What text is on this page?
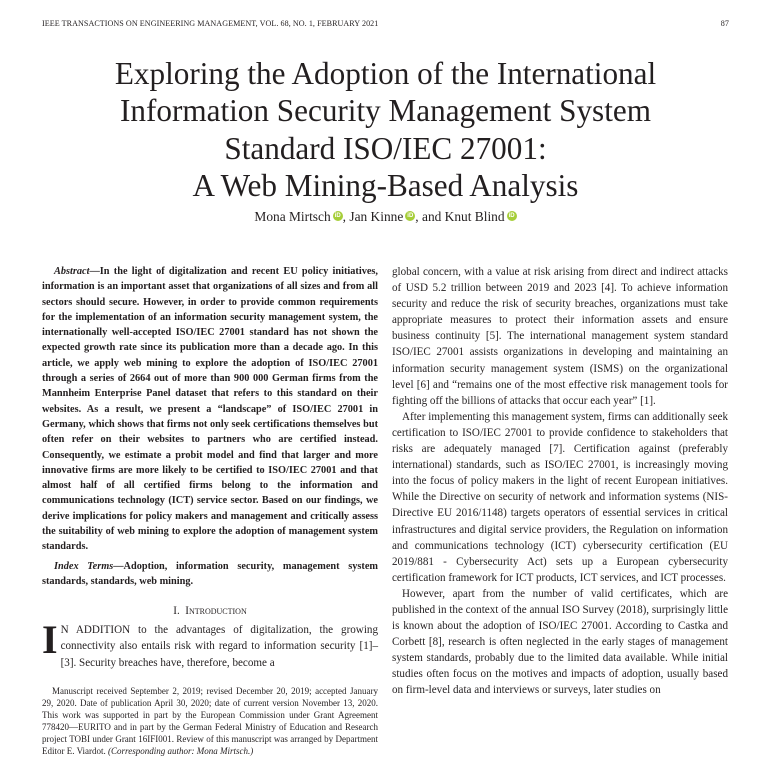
IEEE TRANSACTIONS ON ENGINEERING MANAGEMENT, VOL. 68, NO. 1, FEBRUARY 2021	87
Exploring the Adoption of the International
Information Security Management System
Standard ISO/IEC 27001:
A Web Mining-Based Analysis
Mona Mirtsch iD , Jan Kinne iD , and Knut Blind iD

Abstract—In the light of digitalization and recent EU policy initiatives, information is an important asset that organizations of all sizes and from all sectors should secure. However, in order to provide common requirements for the implementation of an information security management system, the internationally well-accepted ISO/IEC 27001 standard has not shown the expected growth rate since its publication more than a decade ago. In this article, we apply web mining to explore the adoption of ISO/IEC 27001 through a series of 2664 out of more than 900 000 German firms from the Mannheim Enterprise Panel dataset that refers to this standard on their websites. As a result, we present a “landscape” of ISO/IEC 27001 in Germany, which shows that firms not only seek certifications themselves but often refer on their websites to partners who are certified instead. Consequently, we estimate a probit model and find that larger and more innovative firms are more likely to be certified to ISO/IEC 27001 and that almost half of all certified firms belong to the information and communications technology (ICT) service sector. Based on our findings, we derive implications for policy makers and management and critically assess the suitability of web mining to explore the adoption of management system standards.

Index Terms—Adoption, information security, management system standards, standards, web mining.

I. Introduction

I N ADDITION to the advantages of digitalization, the growing connectivity also entails risk with regard to information security [1]–[3]. Security breaches have, therefore, become a

Manuscript received September 2, 2019; revised December 20, 2019; accepted January 29, 2020. Date of publication April 30, 2020; date of current version November 13, 2020. This work was supported in part by the European Commission under Grant Agreement 778420—EURITO and in part by the German Federal Ministry of Education and Research project TOBI under Grant 16IFI001. Review of this manuscript was arranged by Department Editor E. Viardot. (Corresponding author: Mona Mirtsch.)

global concern, with a value at risk arising from direct and indirect attacks of USD 5.2 trillion between 2019 and 2023 [4]. To achieve information security and reduce the risk of security breaches, organizations must take appropriate measures to protect their information assets and ensure business continuity [5]. The international management system standard ISO/IEC 27001 assists organizations in developing and maintaining an information security management system (ISMS) on the organizational level [6] and “remains one of the most effective risk management tools for fighting off the billions of attacks that occur each year” [1].

After implementing this management system, firms can additionally seek certification to ISO/IEC 27001 to provide confidence to stakeholders that risks are adequately managed [7]. Certification against (preferably international) standards, such as ISO/IEC 27001, is increasingly moving into the focus of policy makers in the light of recent European initiatives. While the Directive on security of network and information systems (NIS-Directive EU 2016/1148) targets operators of essential services in critical infrastructures and digital service providers, the Regulation on information and communications technology (ICT) cybersecurity certification (EU 2019/881 - Cybersecurity Act) sets up a European cybersecurity certification framework for ICT products, ICT services, and ICT processes.

However, apart from the number of valid certificates, which are published in the context of the annual ISO Survey (2018), surprisingly little is known about the adoption of ISO/IEC 27001. According to Castka and Corbett [8], research is often neglected in the early stages of management system standards, probably due to the limited data available. While initial studies often focus on the motives and impacts of adoption, usually based on firm-level data and interviews or surveys, later studies on
